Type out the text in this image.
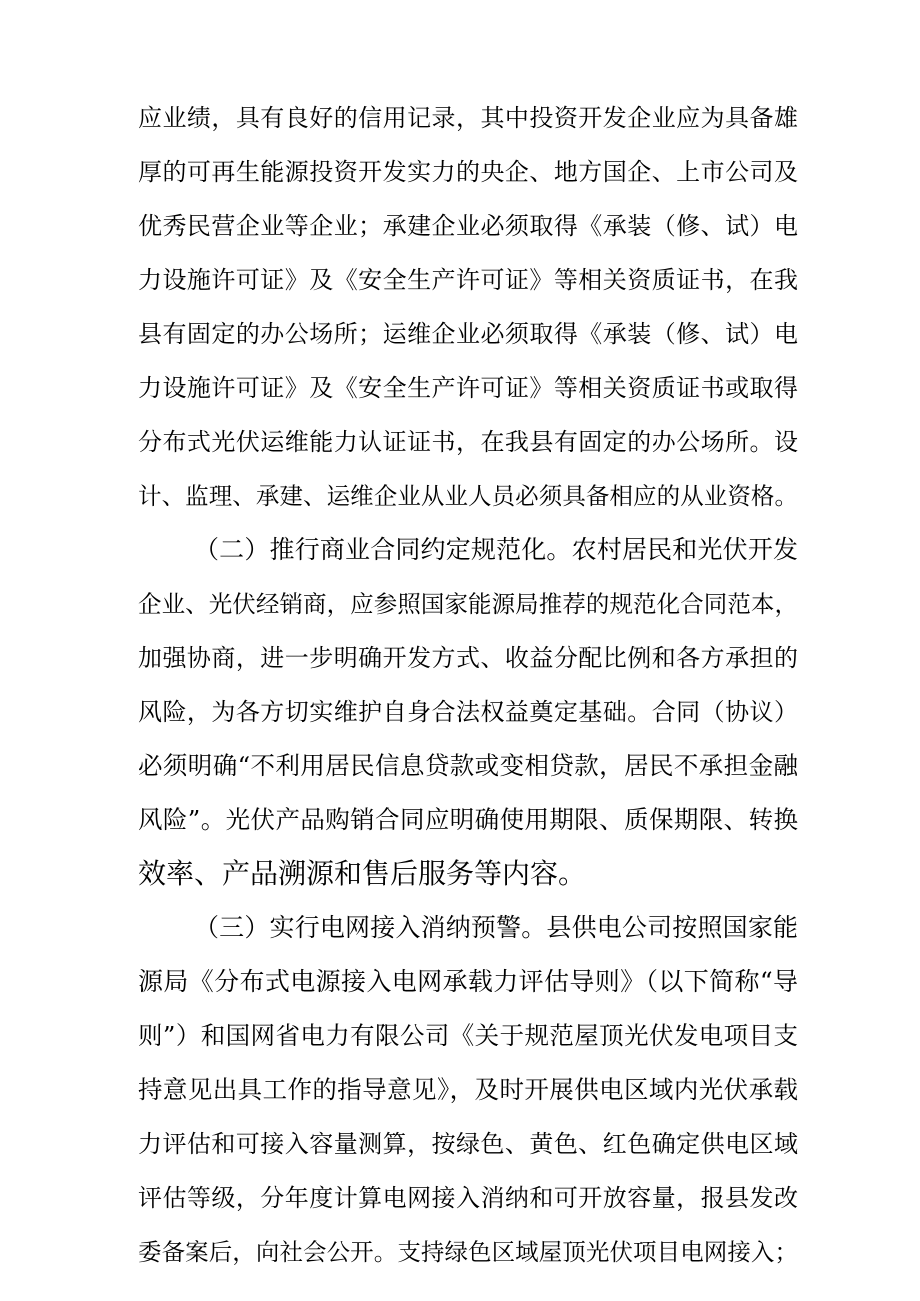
应业绩，具有良好的信用记录，其中投资开发企业应为具备雄
厚的可再生能源投资开发实力的央企、地方国企、上市公司及
优秀民营企业等企业；承建企业必须取得《承装（修、试）电
力设施许可证》及《安全生产许可证》等相关资质证书，在我
县有固定的办公场所；运维企业必须取得《承装（修、试）电
力设施许可证》及《安全生产许可证》等相关资质证书或取得
分布式光伏运维能力认证证书，在我县有固定的办公场所。设
计、监理、承建、运维企业从业人员必须具备相应的从业资格。
（二）推行商业合同约定规范化。农村居民和光伏开发
企业、光伏经销商，应参照国家能源局推荐的规范化合同范本，
加强协商，进一步明确开发方式、收益分配比例和各方承担的
风险，为各方切实维护自身合法权益奠定基础。合同（协议）
必须明确“不利用居民信息贷款或变相贷款，居民不承担金融
风险”。光伏产品购销合同应明确使用期限、质保期限、转换
效率、产品溯源和售后服务等内容。
（三）实行电网接入消纳预警。县供电公司按照国家能
源局《分布式电源接入电网承载力评估导则》（以下简称“导
则”）和国网省电力有限公司《关于规范屋顶光伏发电项目支
持意见出具工作的指导意见》，及时开展供电区域内光伏承载
力评估和可接入容量测算，按绿色、黄色、红色确定供电区域
评估等级，分年度计算电网接入消纳和可开放容量，报县发改
委备案后，向社会公开。支持绿色区域屋顶光伏项目电网接入；
